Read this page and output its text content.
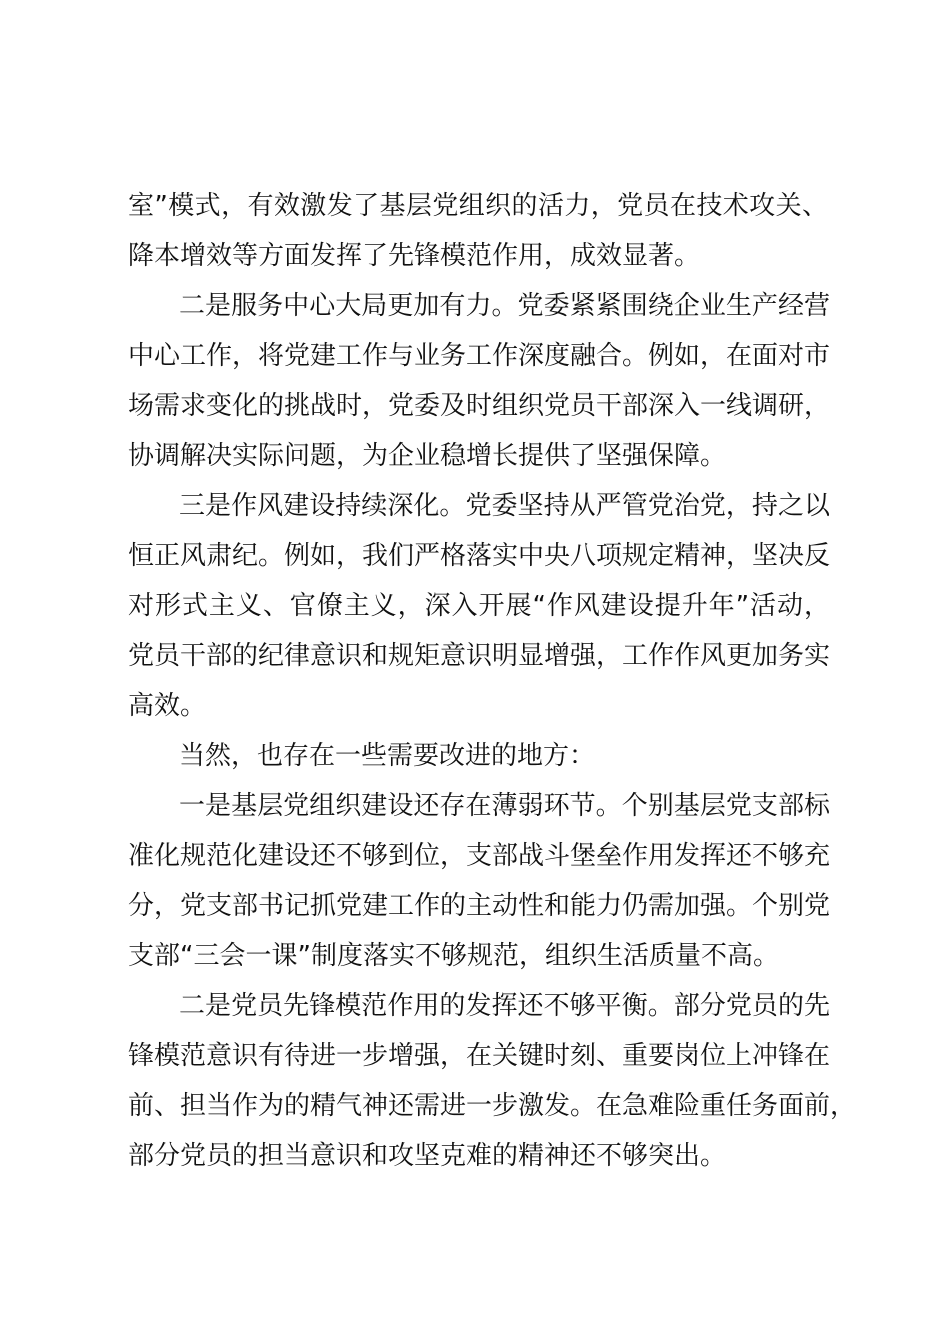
室”模式，有效激发了基层党组织的活力，党员在技术攻关、
降本增效等方面发挥了先锋模范作用，成效显著。
二是服务中心大局更加有力。党委紧紧围绕企业生产经营
中心工作，将党建工作与业务工作深度融合。例如，在面对市
场需求变化的挑战时，党委及时组织党员干部深入一线调研，
协调解决实际问题，为企业稳增长提供了坚强保障。
三是作风建设持续深化。党委坚持从严管党治党，持之以
恒正风肃纪。例如，我们严格落实中央八项规定精神，坚决反
对形式主义、官僚主义，深入开展“作风建设提升年”活动，
党员干部的纪律意识和规矩意识明显增强，工作作风更加务实
高效。
当然，也存在一些需要改进的地方：
一是基层党组织建设还存在薄弱环节。个别基层党支部标
准化规范化建设还不够到位，支部战斗堡垒作用发挥还不够充
分，党支部书记抓党建工作的主动性和能力仍需加强。个别党
支部“三会一课”制度落实不够规范，组织生活质量不高。
二是党员先锋模范作用的发挥还不够平衡。部分党员的先
锋模范意识有待进一步增强，在关键时刻、重要岗位上冲锋在
前、担当作为的精气神还需进一步激发。在急难险重任务面前，
部分党员的担当意识和攻坚克难的精神还不够突出。
